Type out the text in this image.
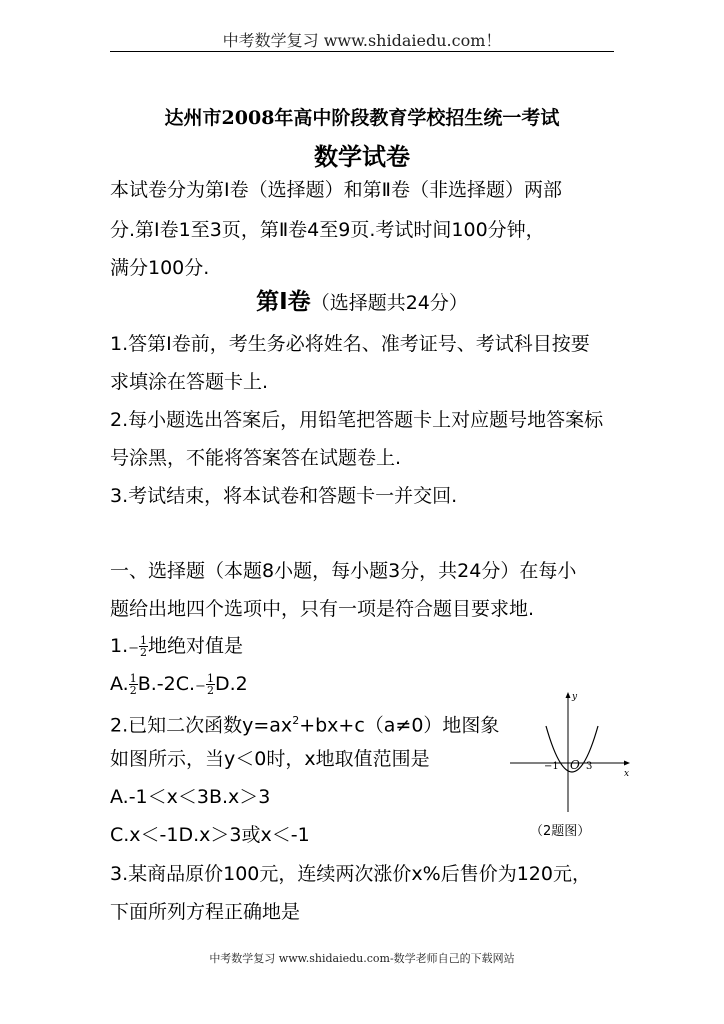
中考数学复习 www.shidaiedu.com！
达州市2008年高中阶段教育学校招生统一考试
数学试卷
本试卷分为第Ⅰ卷（选择题）和第Ⅱ卷（非选择题）两部
分.第Ⅰ卷1至3页，第Ⅱ卷4至9页.考试时间100分钟，
满分100分.
第Ⅰ卷（选择题共24分）
1.答第Ⅰ卷前，考生务必将姓名、准考证号、考试科目按要
求填涂在答题卡上.
2.每小题选出答案后，用铅笔把答题卡上对应题号地答案标
号涂黑，不能将答案答在试题卷上.
3.考试结束，将本试卷和答题卡一并交回.
一、选择题（本题8小题，每小题3分，共24分）在每小
题给出地四个选项中，只有一项是符合题目要求地.
$1.- \frac{1}{2}$ 地绝对值是
A. $\frac{1}{2} B.-2C.- \frac{1}{2} D.2$
2.已知二次函数$y=ax^2+bx+c(a\ne 0)$地图象
如图所示，当y＜0时，x地取值范围是
A.-1＜x＜3B.x＞3
C.x＜-1D.x＞3或x＜-1
y
x
O
−1	3
（2题图）
3.某商品原价100元，连续两次涨价x%后售价为120元，
下面所列方程正确地是
中考数学复习 www.shidaiedu.com-数学老师自己的下载网站
